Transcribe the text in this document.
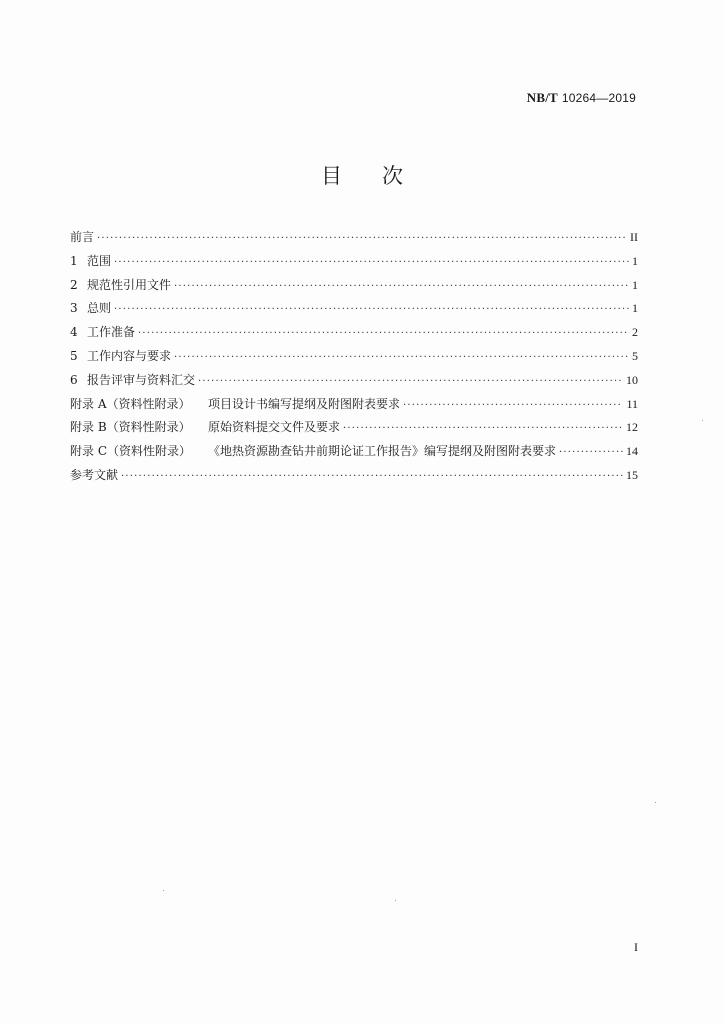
NB/T 10264—2019
目次
前言 ·····	II
1 范围 ·····	1
2 规范性引用文件 ·····	1
3 总则 ·····	1
4 工作准备 ·····	2
5 工作内容与要求 ·····	5
6 报告评审与资料汇交 ·····	10
附录 A（资料性附录）	项目设计书编写提纲及附图附表要求 ·····	11
附录 B（资料性附录）	原始资料提交文件及要求 ·····	12
附录 C（资料性附录）	《地热资源勘查钻井前期论证工作报告》编写提纲及附图附表要求 ·····	14
参考文献 ·····	15
I
